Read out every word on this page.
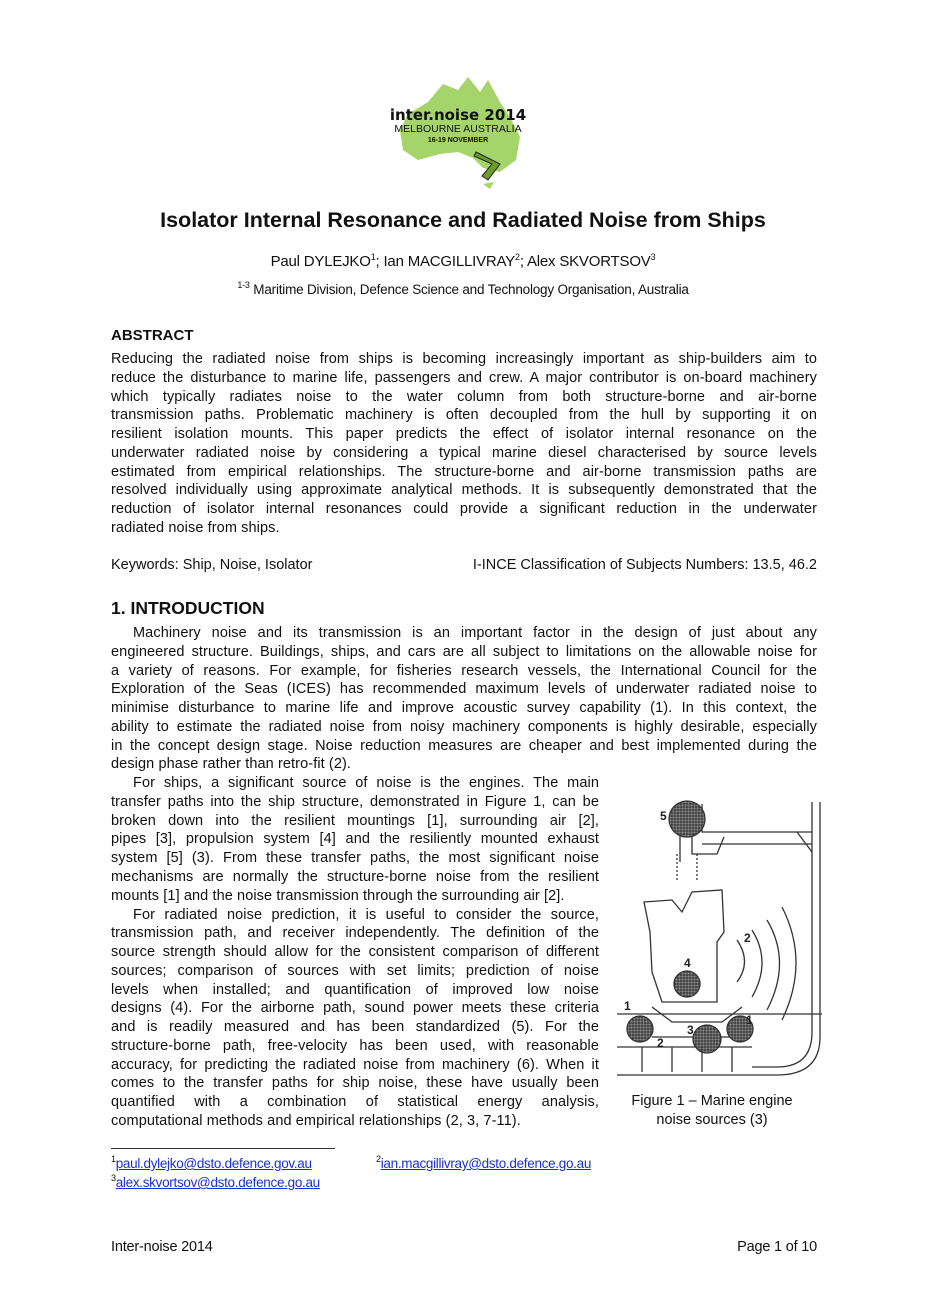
inter.noise 2014
MELBOURNE AUSTRALIA
16-19 NOVEMBER
Isolator Internal Resonance and Radiated Noise from Ships
Paul DYLEJKO$^1$; Ian MACGILLIVRAY$^2$; Alex SKVORTSOV$^3$
$^{1-3}$ Maritime Division, Defence Science and Technology Organisation, Australia
ABSTRACT
Reducing the radiated noise from ships is becoming increasingly important as ship-builders aim to
reduce the disturbance to marine life, passengers and crew. A major contributor is on-board machinery
which typically radiates noise to the water column from both structure-borne and air-borne
transmission paths. Problematic machinery is often decoupled from the hull by supporting it on
resilient isolation mounts. This paper predicts the effect of isolator internal resonance on the
underwater radiated noise by considering a typical marine diesel characterised by source levels
estimated from empirical relationships. The structure-borne and air-borne transmission paths are
resolved individually using approximate analytical methods. It is subsequently demonstrated that the
reduction of isolator internal resonances could provide a significant reduction in the underwater
radiated noise from ships.
Keywords: Ship, Noise, Isolator	I-INCE Classification of Subjects Numbers: 13.5, 46.2
1. INTRODUCTION
Machinery noise and its transmission is an important factor in the design of just about any
engineered structure. Buildings, ships, and cars are all subject to limitations on the allowable noise for
a variety of reasons. For example, for fisheries research vessels, the International Council for the
Exploration of the Seas (ICES) has recommended maximum levels of underwater radiated noise to
minimise disturbance to marine life and improve acoustic survey capability (1). In this context, the
ability to estimate the radiated noise from noisy machinery components is highly desirable, especially
in the concept design stage. Noise reduction measures are cheaper and best implemented during the
design phase rather than retro-fit (2).
For ships, a significant source of noise is the engines. The main
transfer paths into the ship structure, demonstrated in Figure 1, can be
broken down into the resilient mountings [1], surrounding air [2],
pipes [3], propulsion system [4] and the resiliently mounted exhaust
system [5] (3). From these transfer paths, the most significant noise
mechanisms are normally the structure-borne noise from the resilient
mounts [1] and the noise transmission through the surrounding air [2].
For radiated noise prediction, it is useful to consider the source,
transmission path, and receiver independently. The definition of the
source strength should allow for the consistent comparison of different
sources; comparison of sources with set limits; prediction of noise
levels when installed; and quantification of improved low noise
designs (4). For the airborne path, sound power meets these criteria
and is readily measured and has been standardized (5). For the
structure-borne path, free-velocity has been used, with reasonable
accuracy, for predicting the radiated noise from machinery (6). When it
comes to the transfer paths for ship noise, these have usually been
quantified with a combination of statistical energy analysis,
computational methods and empirical relationships (2, 3, 7-11).
5
2
4
1
1
3
2
Figure 1 – Marine engine
noise sources (3)
$^1$paul.dylejko@dsto.defence.gov.au	$^2$ian.macgillivray@dsto.defence.go.au
$^3$alex.skvortsov@dsto.defence.go.au
Inter-noise 2014	Page 1 of 10
